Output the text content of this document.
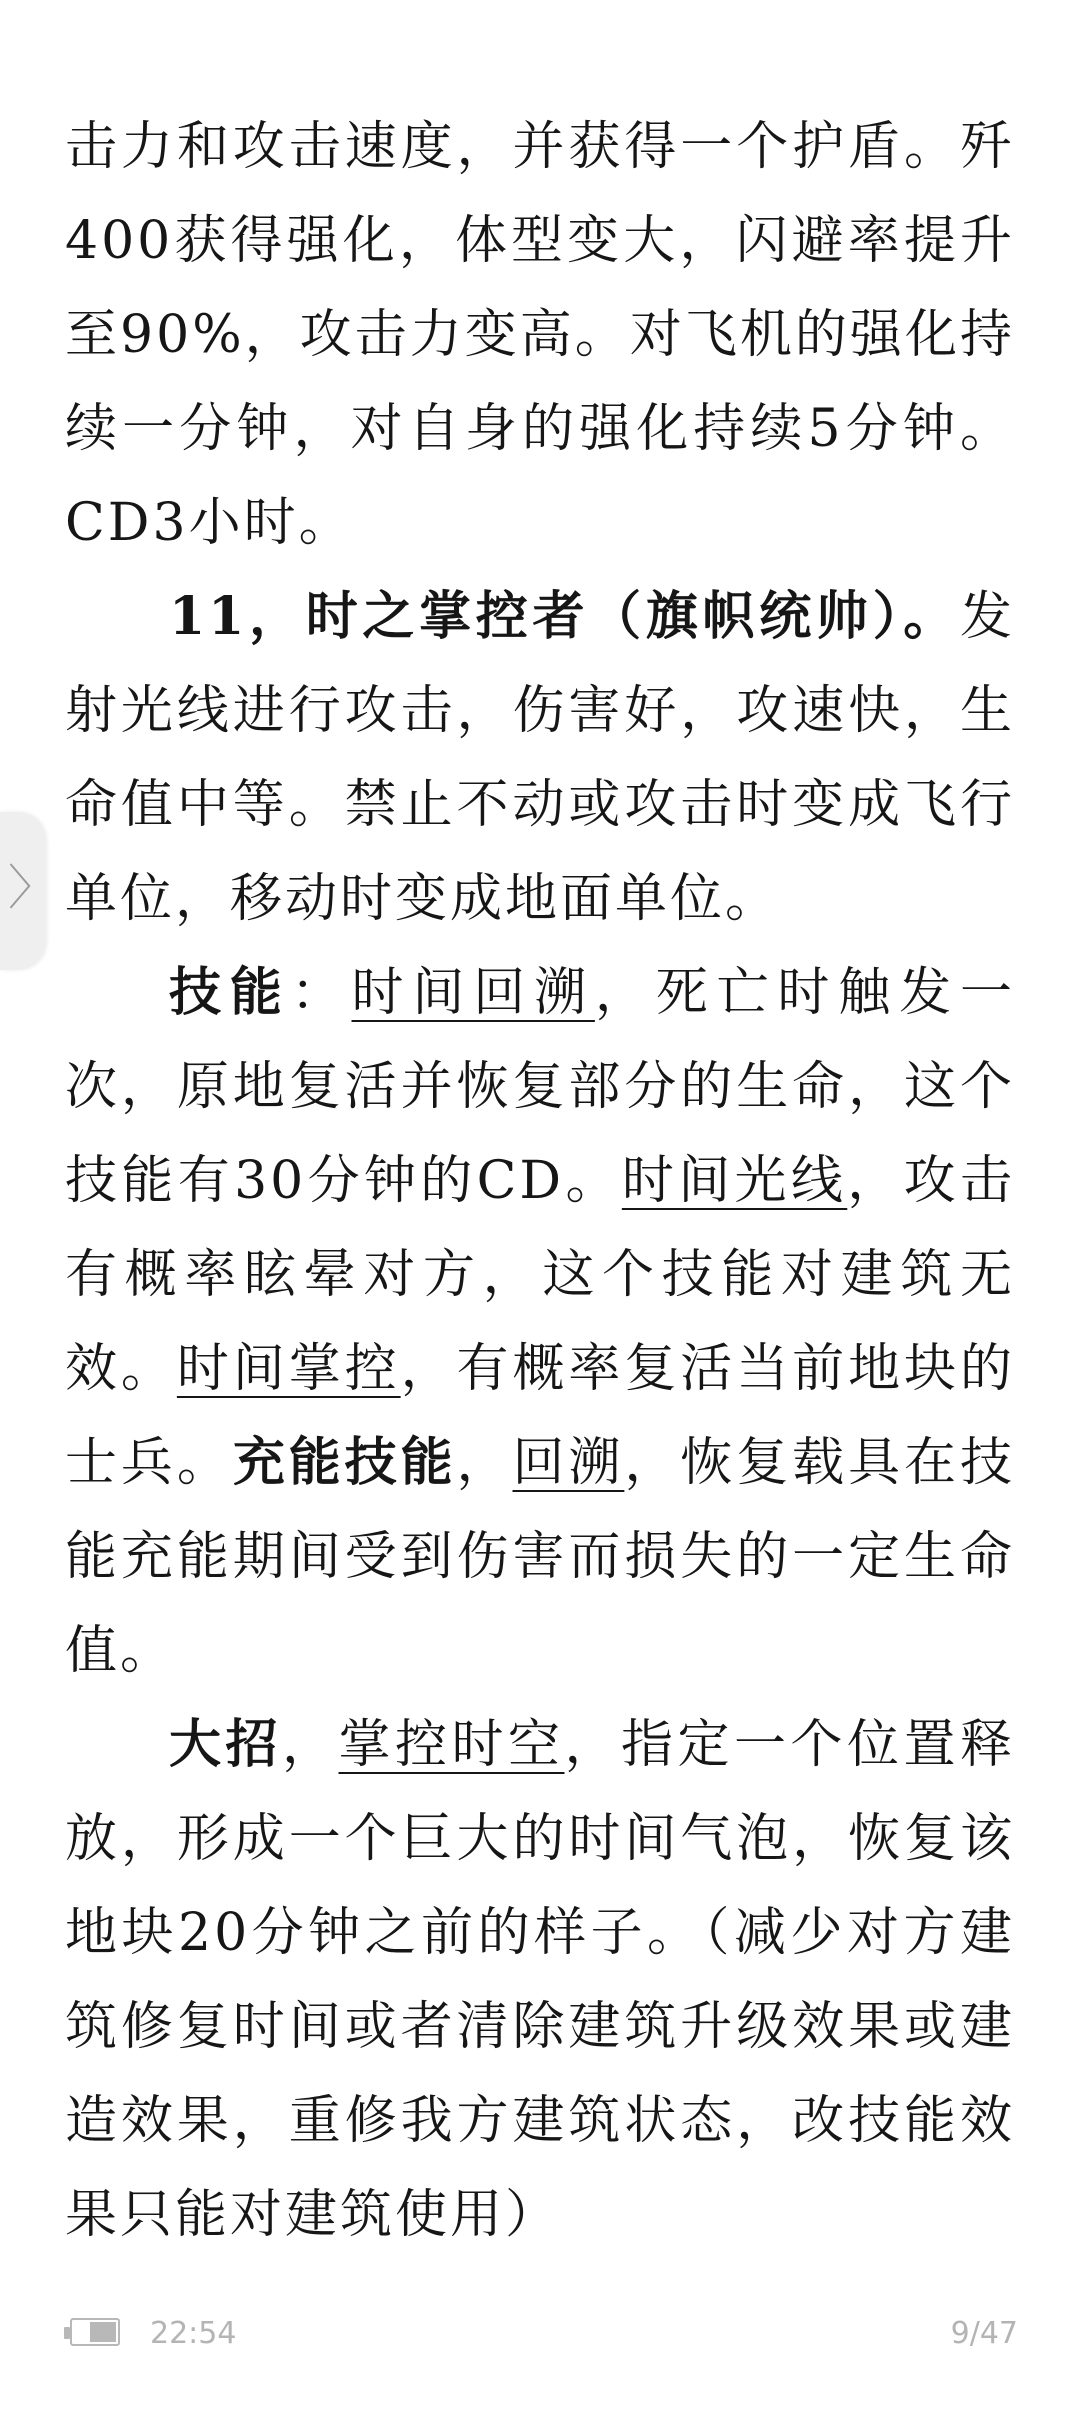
击力和攻击速度，并获得一个护盾。歼400获得强化，体型变大，闪避率提升至90%，攻击力变高。对飞机的强化持续一分钟，对自身的强化持续5分钟。CD3小时。

11，时之掌控者（旗帜统帅）。发射光线进行攻击，伤害好，攻速快，生命值中等。禁止不动或攻击时变成飞行单位，移动时变成地面单位。

技能：时间回溯，死亡时触发一次，原地复活并恢复部分的生命，这个技能有30分钟的CD。时间光线，攻击有概率眩晕对方，这个技能对建筑无效。时间掌控，有概率复活当前地块的士兵。充能技能，回溯，恢复载具在技能充能期间受到伤害而损失的一定生命值。

大招，掌控时空，指定一个位置释放，形成一个巨大的时间气泡，恢复该地块20分钟之前的样子。（减少对方建筑修复时间或者清除建筑升级效果或建造效果，重修我方建筑状态，改技能效果只能对建筑使用）

〉
22:54	9/47
